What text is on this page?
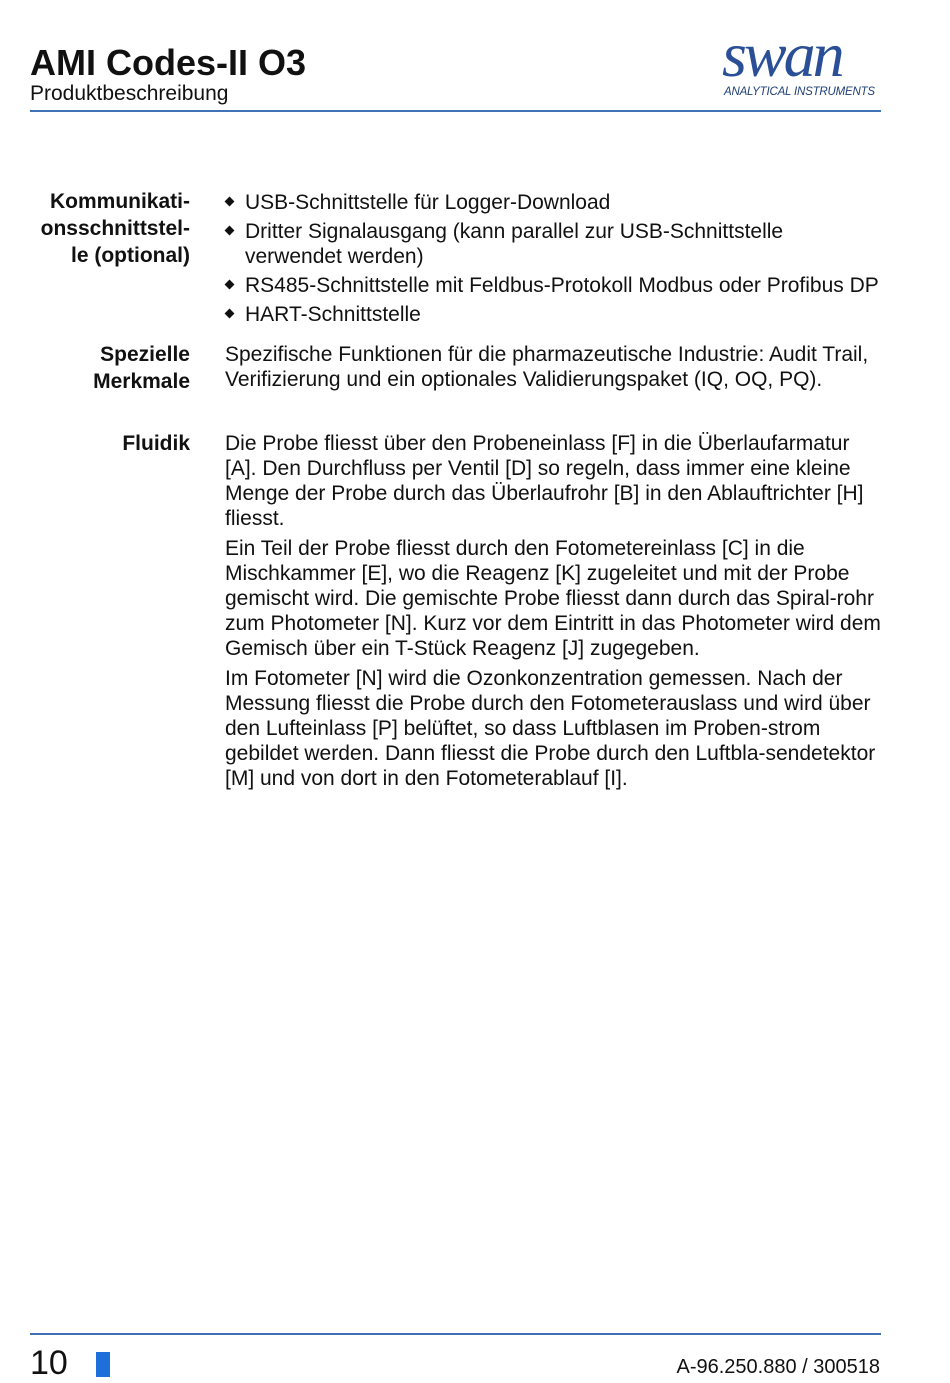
AMI Codes-II O3
Produktbeschreibung
swan
ANALYTICAL INSTRUMENTS
Kommunikati-
onsschnittstel-
le (optional)
USB-Schnittstelle für Logger-Download
Dritter Signalausgang (kann parallel zur USB-Schnittstelle verwendet werden)
RS485-Schnittstelle mit Feldbus-Protokoll Modbus oder Profibus DP
HART-Schnittstelle
Spezielle
Merkmale

Spezifische Funktionen für die pharmazeutische Industrie: Audit Trail, Verifizierung und ein optionales Validierungspaket (IQ, OQ, PQ).

Fluidik Die Probe fliesst über den Probeneinlass [F] in die Überlaufarmatur [A]. Den Durchfluss per Ventil [D] so regeln, dass immer eine kleine Menge der Probe durch das Überlaufrohr [B] in den Ablauftrichter [H] fliesst.

Ein Teil der Probe fliesst durch den Fotometereinlass [C] in die Mischkammer [E], wo die Reagenz [K] zugeleitet und mit der Probe gemischt wird. Die gemischte Probe fliesst dann durch das Spiral-rohr zum Photometer [N]. Kurz vor dem Eintritt in das Photometer wird dem Gemisch über ein T-Stück Reagenz [J] zugegeben.

Im Fotometer [N] wird die Ozonkonzentration gemessen. Nach der Messung fliesst die Probe durch den Fotometerauslass und wird über den Lufteinlass [P] belüftet, so dass Luftblasen im Proben-strom gebildet werden. Dann fliesst die Probe durch den Luftbla-sendetektor [M] und von dort in den Fotometerablauf [I].

10	A-96.250.880 / 300518
